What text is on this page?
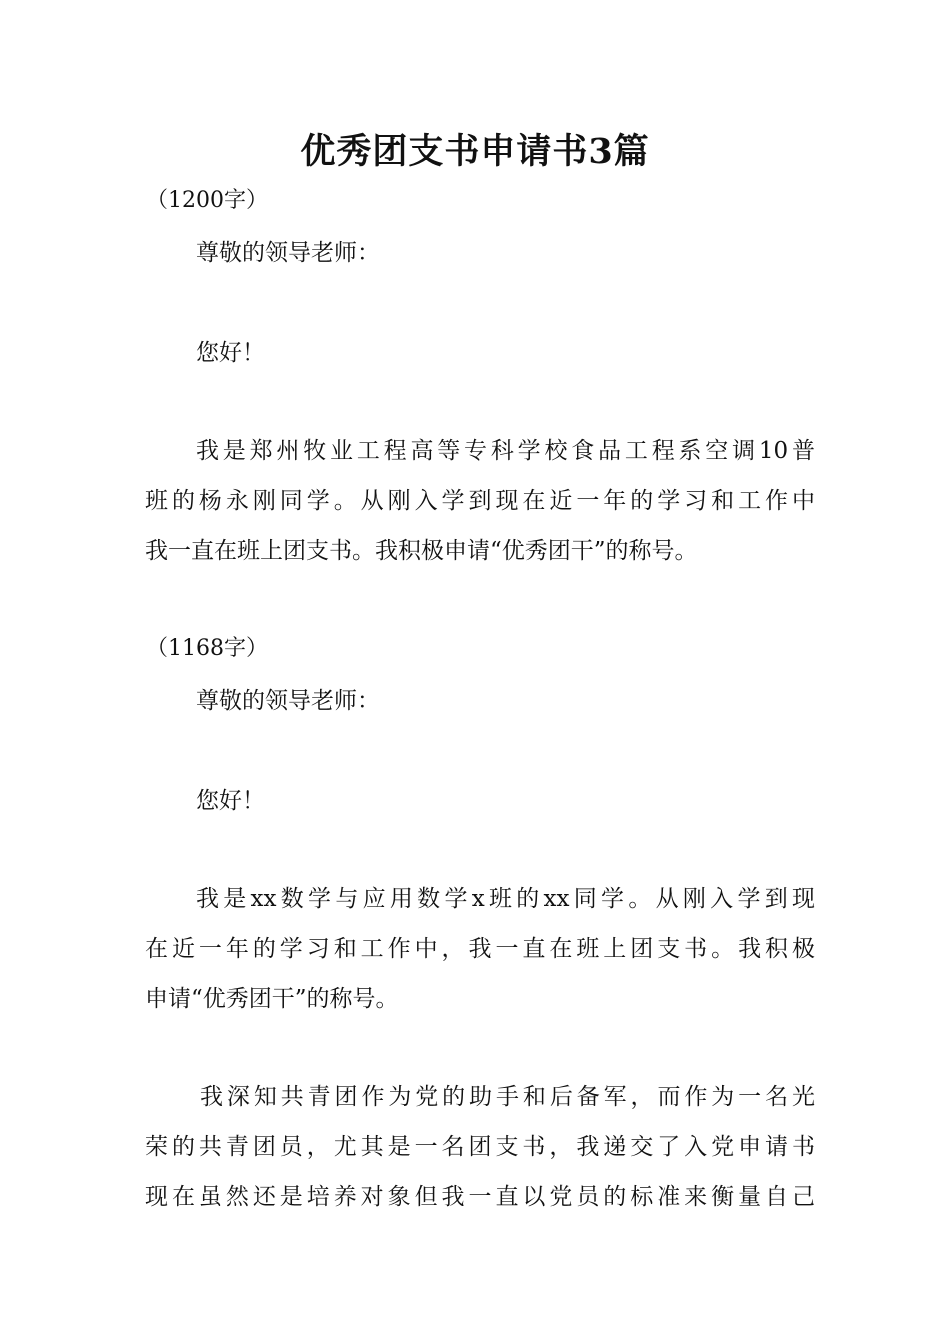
优秀团支书申请书3篇
（1200字）
尊敬的领导老师：
您好！
我是郑州牧业工程高等专科学校食品工程系空调10普
班的杨永刚同学。从刚入学到现在近一年的学习和工作中
我一直在班上团支书。我积极申请“优秀团干”的称号。
（1168字）
尊敬的领导老师：
您好！
我是xx数学与应用数学x班的xx同学。从刚入学到现
在近一年的学习和工作中，我一直在班上团支书。我积极
申请“优秀团干”的称号。
我深知共青团作为党的助手和后备军，而作为一名光
荣的共青团员，尤其是一名团支书，我递交了入党申请书
现在虽然还是培养对象但我一直以党员的标准来衡量自己
